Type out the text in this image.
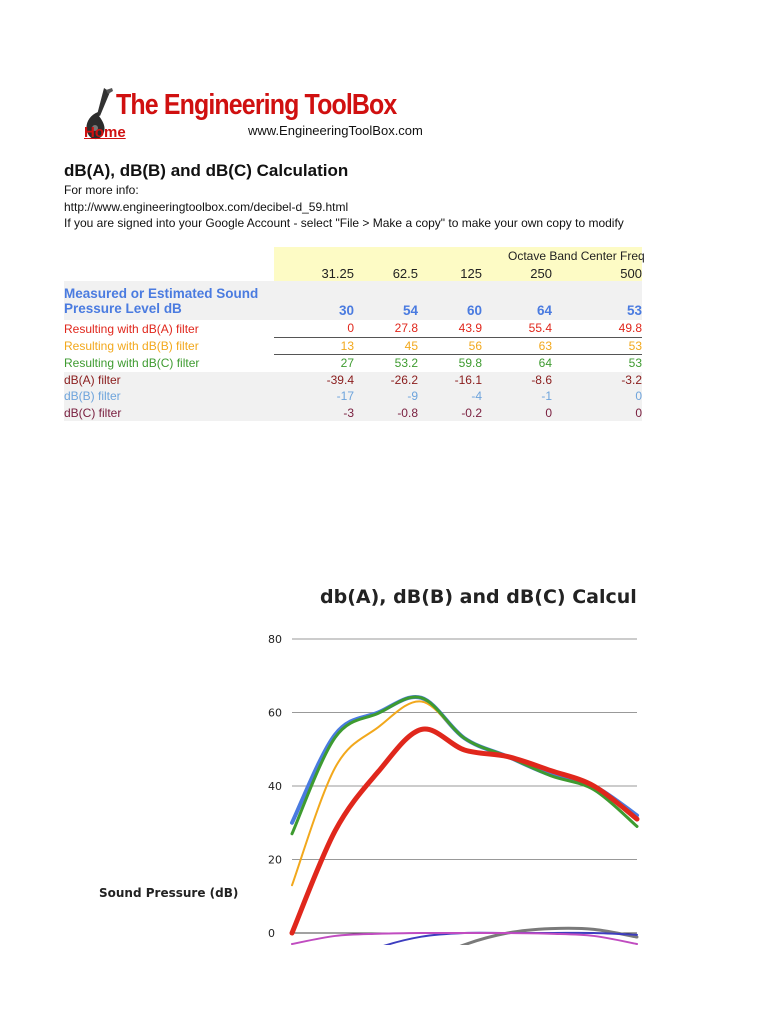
The Engineering ToolBox
Home	www.EngineeringToolBox.com
dB(A), dB(B) and dB(C) Calculation
For more info:
http://www.engineeringtoolbox.com/decibel-d_59.html
If you are signed into your Google Account - select "File > Make a copy" to make your own copy to modify
	31.25	62.5	125	250	500

Measured or Estimated Sound
Pressure Level dB	30	54	60	64	53
Resulting with dB(A) filter	0	27.8	43.9	55.4	49.8
Resulting with dB(B) filter	13	45	56	63	53
Resulting with dB(C) filter	27	53.2	59.8	64	53
dB(A) filter	-39.4	-26.2	-16.1	-8.6	-3.2
dB(B) filter	-17	-9	-4	-1	0
dB(C) filter	-3	-0.8	-0.2	0	0
Octave Band Center Freq
db(A), dB(B) and dB(C) Calcul
Sound Pressure (dB)
80
60
40
20
0
